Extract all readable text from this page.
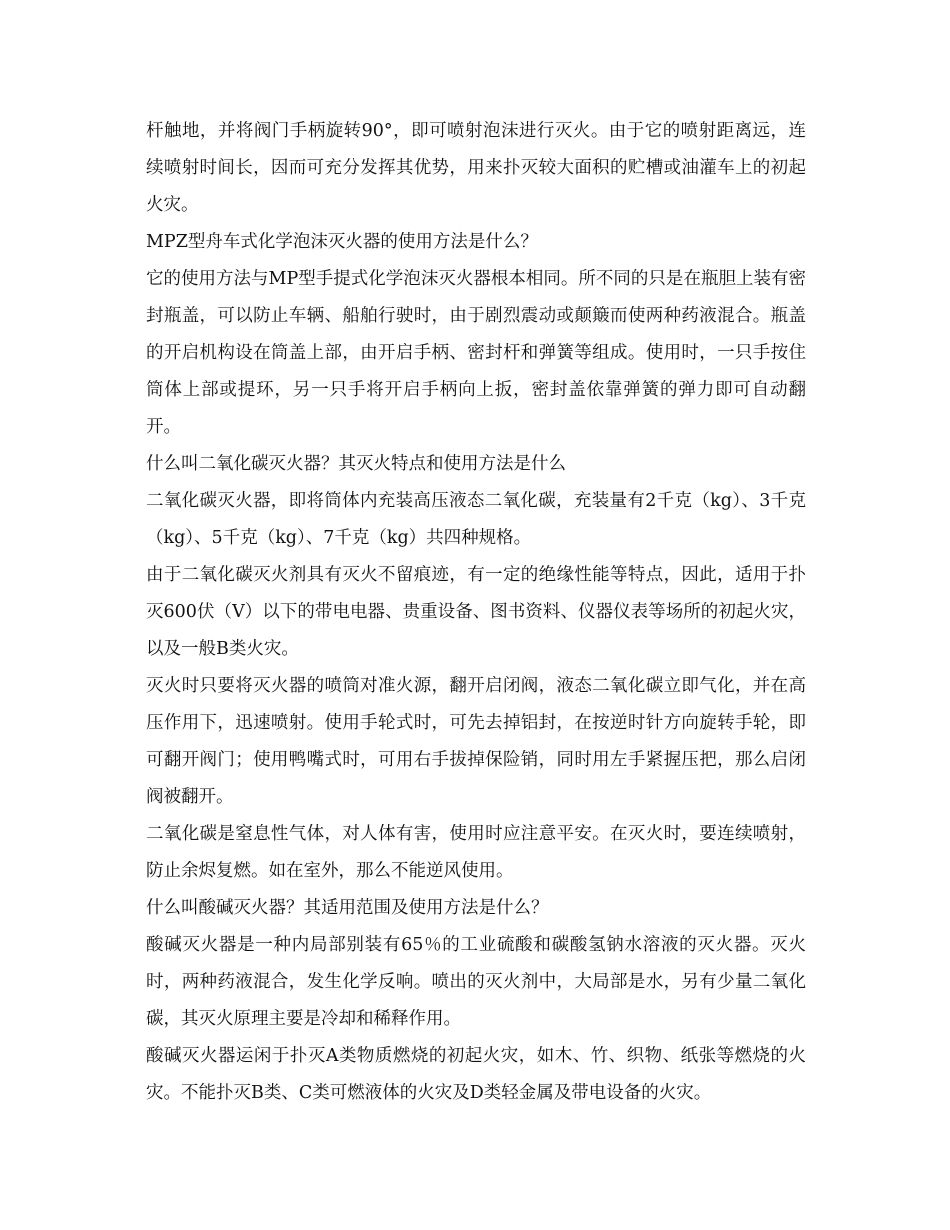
杆触地，并将阀门手柄旋转90°，即可喷射泡沫进行灭火。由于它的喷射距离远，连续喷射时间长，因而可充分发挥其优势，用来扑灭较大面积的贮槽或油灌车上的初起火灾。

MPZ型舟车式化学泡沫灭火器的使用方法是什么？

它的使用方法与MP型手提式化学泡沫灭火器根本相同。所不同的只是在瓶胆上装有密封瓶盖，可以防止车辆、船舶行驶时，由于剧烈震动或颠簸而使两种药液混合。瓶盖的开启机构设在筒盖上部，由开启手柄、密封杆和弹簧等组成。使用时，一只手按住筒体上部或提环，另一只手将开启手柄向上扳，密封盖依靠弹簧的弹力即可自动翻开。

什么叫二氧化碳灭火器？其灭火特点和使用方法是什么

二氧化碳灭火器，即将筒体内充装高压液态二氧化碳，充装量有2千克（kg）、3千克（kg）、5千克（kg）、7千克（kg）共四种规格。

由于二氧化碳灭火剂具有灭火不留痕迹，有一定的绝缘性能等特点，因此，适用于扑灭600伏（V）以下的带电电器、贵重设备、图书资料、仪器仪表等场所的初起火灾，以及一般B类火灾。

灭火时只要将灭火器的喷筒对准火源，翻开启闭阀，液态二氧化碳立即气化，并在高压作用下，迅速喷射。使用手轮式时，可先去掉铝封，在按逆时针方向旋转手轮，即可翻开阀门；使用鸭嘴式时，可用右手拔掉保险销，同时用左手紧握压把，那么启闭阀被翻开。

二氧化碳是窒息性气体，对人体有害，使用时应注意平安。在灭火时，要连续喷射，防止余烬复燃。如在室外，那么不能逆风使用。

什么叫酸碱灭火器？其适用范围及使用方法是什么？

酸碱灭火器是一种内局部别装有65％的工业硫酸和碳酸氢钠水溶液的灭火器。灭火时，两种药液混合，发生化学反响。喷出的灭火剂中，大局部是水，另有少量二氧化碳，其灭火原理主要是冷却和稀释作用。

酸碱灭火器运闲于扑灭A类物质燃烧的初起火灾，如木、竹、织物、纸张等燃烧的火灾。不能扑灭B类、C类可燃液体的火灾及D类轻金属及带电设备的火灾。
